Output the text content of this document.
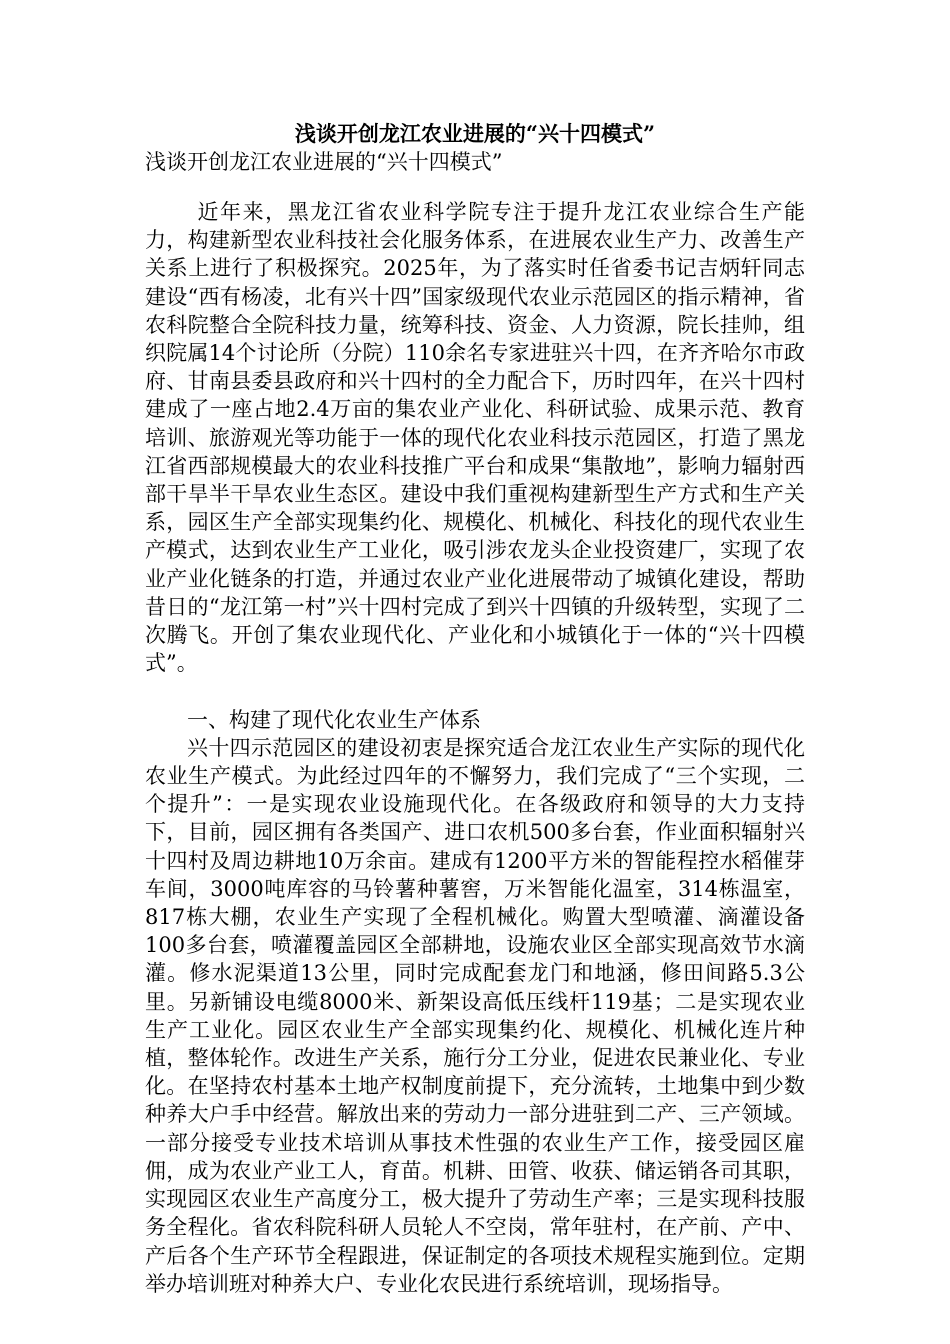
浅谈开创龙江农业进展的“兴十四模式”
浅谈开创龙江农业进展的“兴十四模式”

近年来，黑龙江省农业科学院专注于提升龙江农业综合生产能力，构建新型农业科技社会化服务体系，在进展农业生产力、改善生产关系上进行了积极探究。2025年，为了落实时任省委书记吉炳轩同志建设“西有杨凌，北有兴十四”国家级现代农业示范园区的指示精神，省农科院整合全院科技力量，统筹科技、资金、人力资源，院长挂帅，组织院属14个讨论所（分院）110余名专家进驻兴十四，在齐齐哈尔市政府、甘南县委县政府和兴十四村的全力配合下，历时四年，在兴十四村建成了一座占地2.4万亩的集农业产业化、科研试验、成果示范、教育培训、旅游观光等功能于一体的现代化农业科技示范园区，打造了黑龙江省西部规模最大的农业科技推广平台和成果“集散地”，影响力辐射西部干旱半干旱农业生态区。建设中我们重视构建新型生产方式和生产关系，园区生产全部实现集约化、规模化、机械化、科技化的现代农业生产模式，达到农业生产工业化，吸引涉农龙头企业投资建厂，实现了农业产业化链条的打造，并通过农业产业化进展带动了城镇化建设，帮助昔日的“龙江第一村”兴十四村完成了到兴十四镇的升级转型，实现了二次腾飞。开创了集农业现代化、产业化和小城镇化于一体的“兴十四模式”。

一、构建了现代化农业生产体系

兴十四示范园区的建设初衷是探究适合龙江农业生产实际的现代化农业生产模式。为此经过四年的不懈努力，我们完成了“三个实现，二个提升”：一是实现农业设施现代化。在各级政府和领导的大力支持下，目前，园区拥有各类国产、进口农机500多台套，作业面积辐射兴十四村及周边耕地10万余亩。建成有1200平方米的智能程控水稻催芽车间，3000吨库容的马铃薯种薯窖，万米智能化温室，314栋温室，817栋大棚，农业生产实现了全程机械化。购置大型喷灌、滴灌设备100多台套，喷灌覆盖园区全部耕地，设施农业区全部实现高效节水滴灌。修水泥渠道13公里，同时完成配套龙门和地涵，修田间路5.3公里。另新铺设电缆8000米、新架设高低压线杆119基；二是实现农业生产工业化。园区农业生产全部实现集约化、规模化、机械化连片种植，整体轮作。改进生产关系，施行分工分业，促进农民兼业化、专业化。在坚持农村基本土地产权制度前提下，充分流转，土地集中到少数种养大户手中经营。解放出来的劳动力一部分进驻到二产、三产领域。一部分接受专业技术培训从事技术性强的农业生产工作，接受园区雇佣，成为农业产业工人，育苗。机耕、田管、收获、储运销各司其职，实现园区农业生产高度分工，极大提升了劳动生产率；三是实现科技服务全程化。省农科院科研人员轮人不空岗，常年驻村，在产前、产中、产后各个生产环节全程跟进，保证制定的各项技术规程实施到位。定期举办培训班对种养大户、专业化农民进行系统培训，现场指导。
